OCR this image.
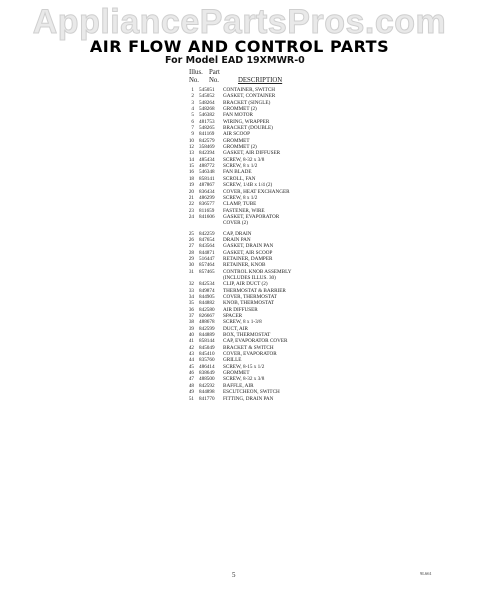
AppliancePartsPros.com
AIR FLOW AND CONTROL PARTS
For Model EAD 19XMWR-0
Illus.
No.
Part
No.	DESCRIPTION
1 545051 CONTAINER, SWITCH
2 545052 GASKET, CONTAINER
3 548264 BRACKET (SINGLE)
4 548268 GROMMET (2)
5 546382 FAN MOTOR
6 481753 WIRING, WRAPPER
7 548265 BRACKET (DOUBLE)
9 841169 AIR SCOOP
10 842579 GROMMET
12 358469 GROMMET (2)
13 842394 GASKET, AIR DIFFUSER
14 485434 SCREW, 8-32 x 3/8
15 488772 SCREW, 8 x 1/2
16 546348 FAN BLADE
18 858141 SCROLL, FAN
19 487867 SCREW, 1/4B x 1/4 (2)
20 836434 COVER, HEAT EXCHANGER
21 486299 SCREW, 8 x 1/2
22 836577 CLAMP, TUBE
23 811659 FASTENER, WIRE
24 841606 GASKET, EVAPORATOR
COVER (2)
25 842259 CAP, DRAIN
26 847654 DRAIN PAN
27 843564 GASKET, DRAIN PAN
28 844871 GASKET, AIR SCOOP
29 516447 RETAINER, DAMPER
30 857464 RETAINER, KNOB
31 857465 CONTROL KNOB ASSEMBLY
(INCLUDES ILLUS. 30)
32 842534 CLIP, AIR DUCT (2)
33 849874 THERMOSTAT & BARRIER
34 844905 COVER, THERMOSTAT
35 844882 KNOB, THERMOSTAT
36 842580 AIR DIFFUSER
37 826667 SPACER
38 488678 SCREW, 8 x 1-3/8
39 842599 DUCT, AIR
40 844889 BOX, THERMOSTAT
41 858144 CAP, EVAPORATOR COVER
42 845049 BRACKET & SWITCH
43 845410 COVER, EVAPORATOR
44 835760 GRILLE
45 486414 SCREW, 8-15 x 1/2
46 838649 GROMMET
47 488500 SCREW, 8-32 x 3/8
48 842592 BAFFLE, AIR
49 844898 ESCUTCHEON, SWITCH
51 841770 FITTING, DRAIN PAN
5	9L661
